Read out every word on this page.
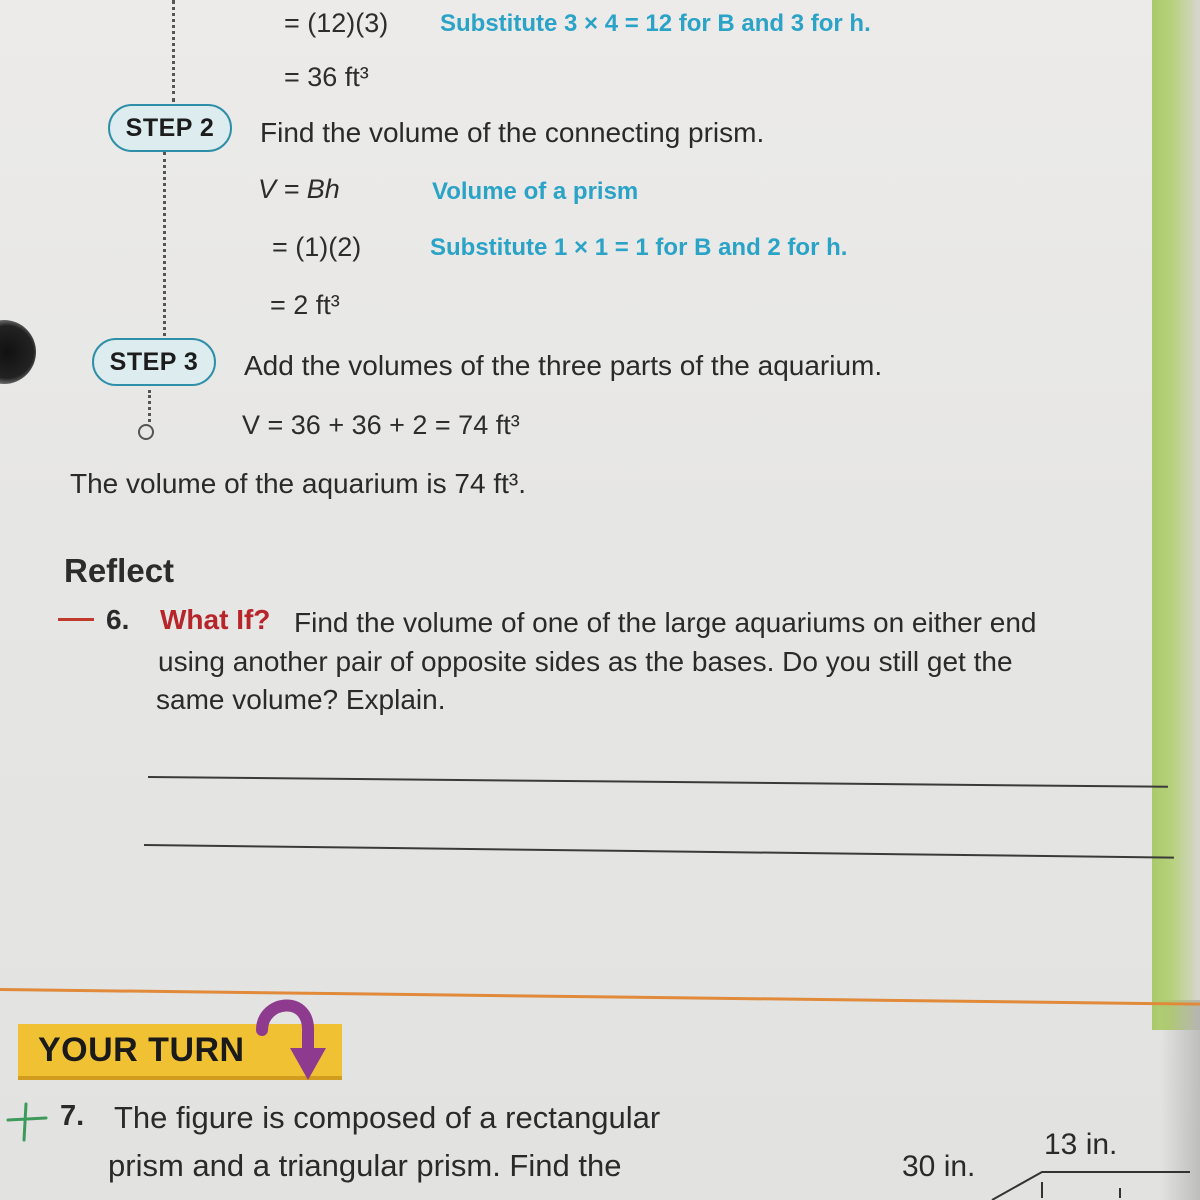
= (12)(3) Substitute 3 × 4 = 12 for B and 3 for h.
= 36 ft³
STEP 2	Find the volume of the connecting prism.
V = Bh	Volume of a prism
= (1)(2)	Substitute 1 × 1 = 1 for B and 2 for h.
= 2 ft³
STEP 3	Add the volumes of the three parts of the aquarium.
V = 36 + 36 + 2 = 74 ft³
The volume of the aquarium is 74 ft³.
Reflect
6. What If? Find the volume of one of the large aquariums on either end
using another pair of opposite sides as the bases. Do you still get the
same volume? Explain.
YOUR TURN
7. The figure is composed of a rectangular
prism and a triangular prism. Find the
13 in.
30 in.
